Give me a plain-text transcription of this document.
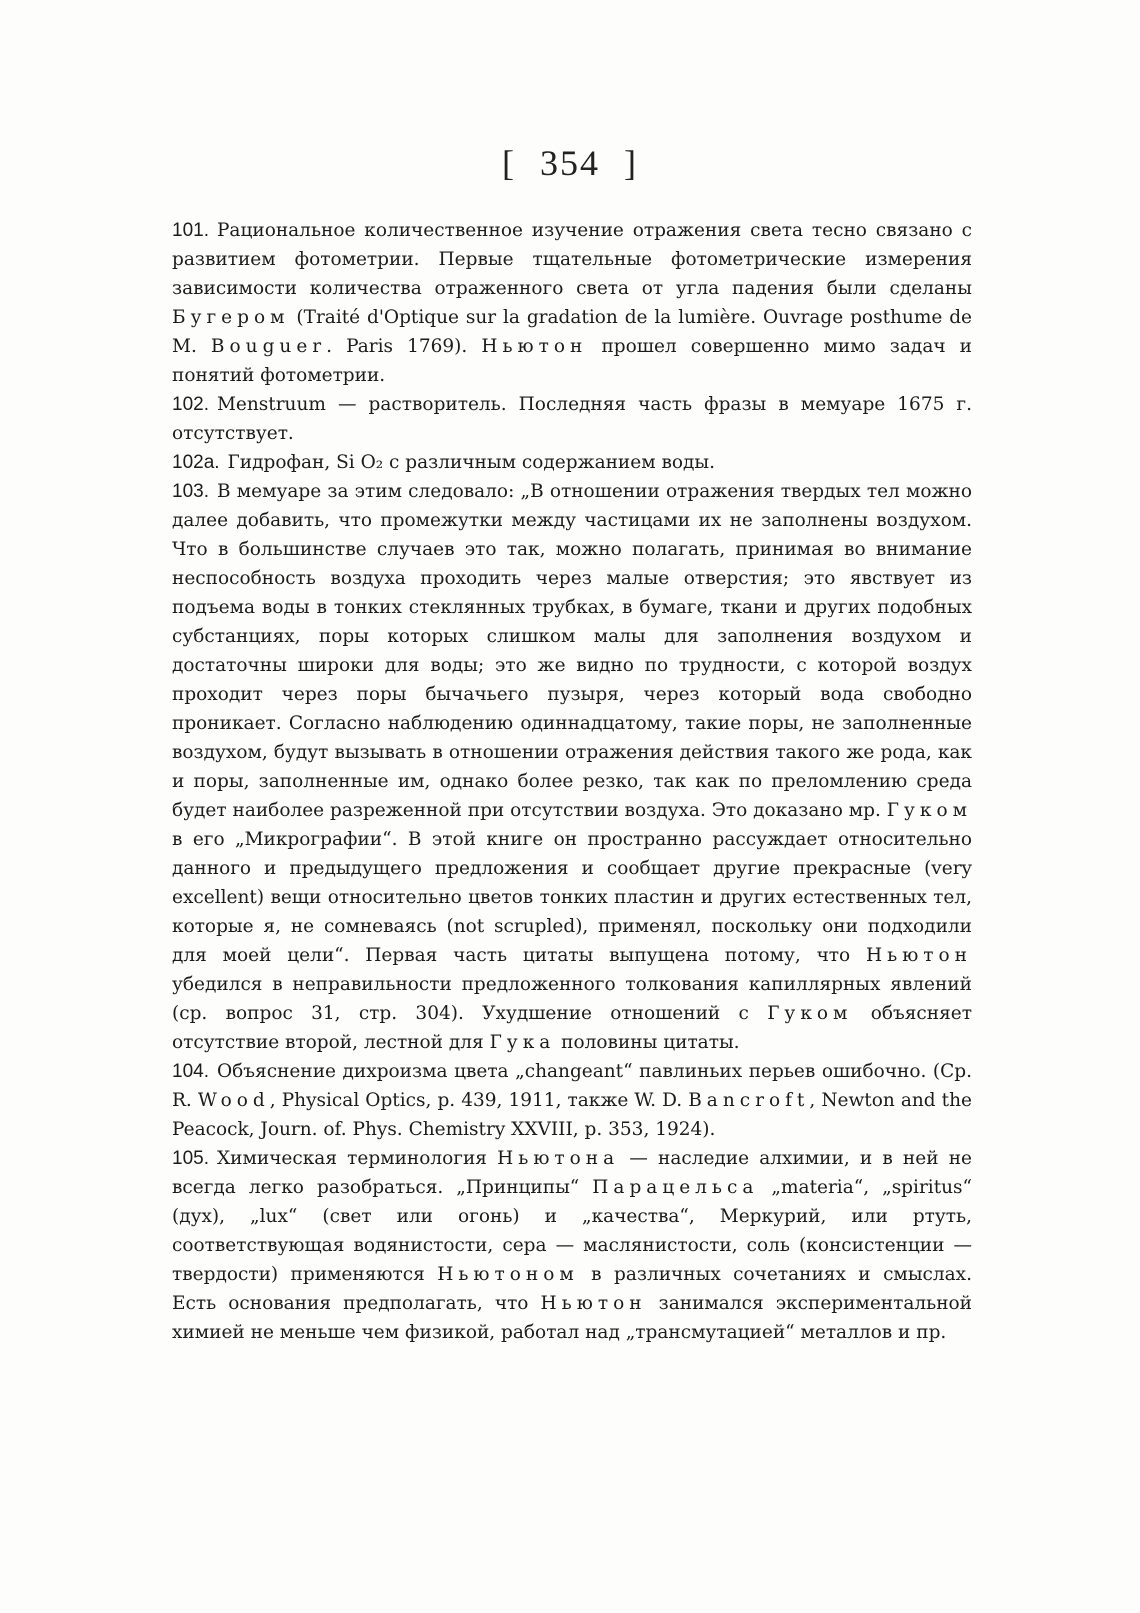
[ 354 ]

101. Рациональное количественное изучение отражения света тесно связано с развитием фотометрии. Первые тщательные фотометрические измерения зависимости количества отраженного света от угла падения были сделаны Бугером (Traité d'Optique sur la gradation de la lumière. Ouvrage posthume de M. Bouguer. Paris 1769). Ньютон прошел совершенно мимо задач и понятий фотометрии.

102. Menstruum — растворитель. Последняя часть фразы в мемуаре 1675 г. отсутствует.

102a. Гидрофан, Si O₂ с различным содержанием воды.

103. В мемуаре за этим следовало: „В отношении отражения твердых тел можно далее добавить, что промежутки между частицами их не заполнены воздухом. Что в большинстве случаев это так, можно полагать, принимая во внимание неспособность воздуха проходить через малые отверстия; это явствует из подъема воды в тонких стеклянных трубках, в бумаге, ткани и других подобных субстанциях, поры которых слишком малы для заполнения воздухом и достаточны широки для воды; это же видно по трудности, с которой воздух проходит через поры бычачьего пузыря, через который вода свободно проникает. Согласно наблюдению одиннадцатому, такие поры, не заполненные воздухом, будут вызывать в отношении отражения действия такого же рода, как и поры, заполненные им, однако более резко, так как по преломлению среда будет наиболее разреженной при отсутствии воздуха. Это доказано мр. Гуком в его „Микрографии“. В этой книге он пространно рассуждает относительно данного и предыдущего предложения и сообщает другие прекрасные (very excellent) вещи относительно цветов тонких пластин и других естественных тел, которые я, не сомневаясь (not scrupled), применял, поскольку они подходили для моей цели“. Первая часть цитаты выпущена потому, что Ньютон убедился в неправильности предложенного толкования капиллярных явлений (ср. вопрос 31, стр. 304). Ухудшение отношений с Гуком объясняет отсутствие второй, лестной для Гука половины цитаты.

104. Объяснение дихроизма цвета „changeant“ павлиньих перьев ошибочно. (Ср. R. Wood, Physical Optics, p. 439, 1911, также W. D. Bancroft, Newton and the Peacock, Journ. of. Phys. Chemistry XXVIII, p. 353, 1924).

105. Химическая терминология Ньютона — наследие алхимии, и в ней не всегда легко разобраться. „Принципы“ Парацельса „materia“, „spiritus“ (дух), „lux“ (свет или огонь) и „качества“, Меркурий, или ртуть, соответствующая водянистости, сера — маслянистости, соль (консистенции — твердости) применяются Ньютоном в различных сочетаниях и смыслах. Есть основания предполагать, что Ньютон занимался экспериментальной химией не меньше чем физикой, работал над „трансмутацией“ металлов и пр.
